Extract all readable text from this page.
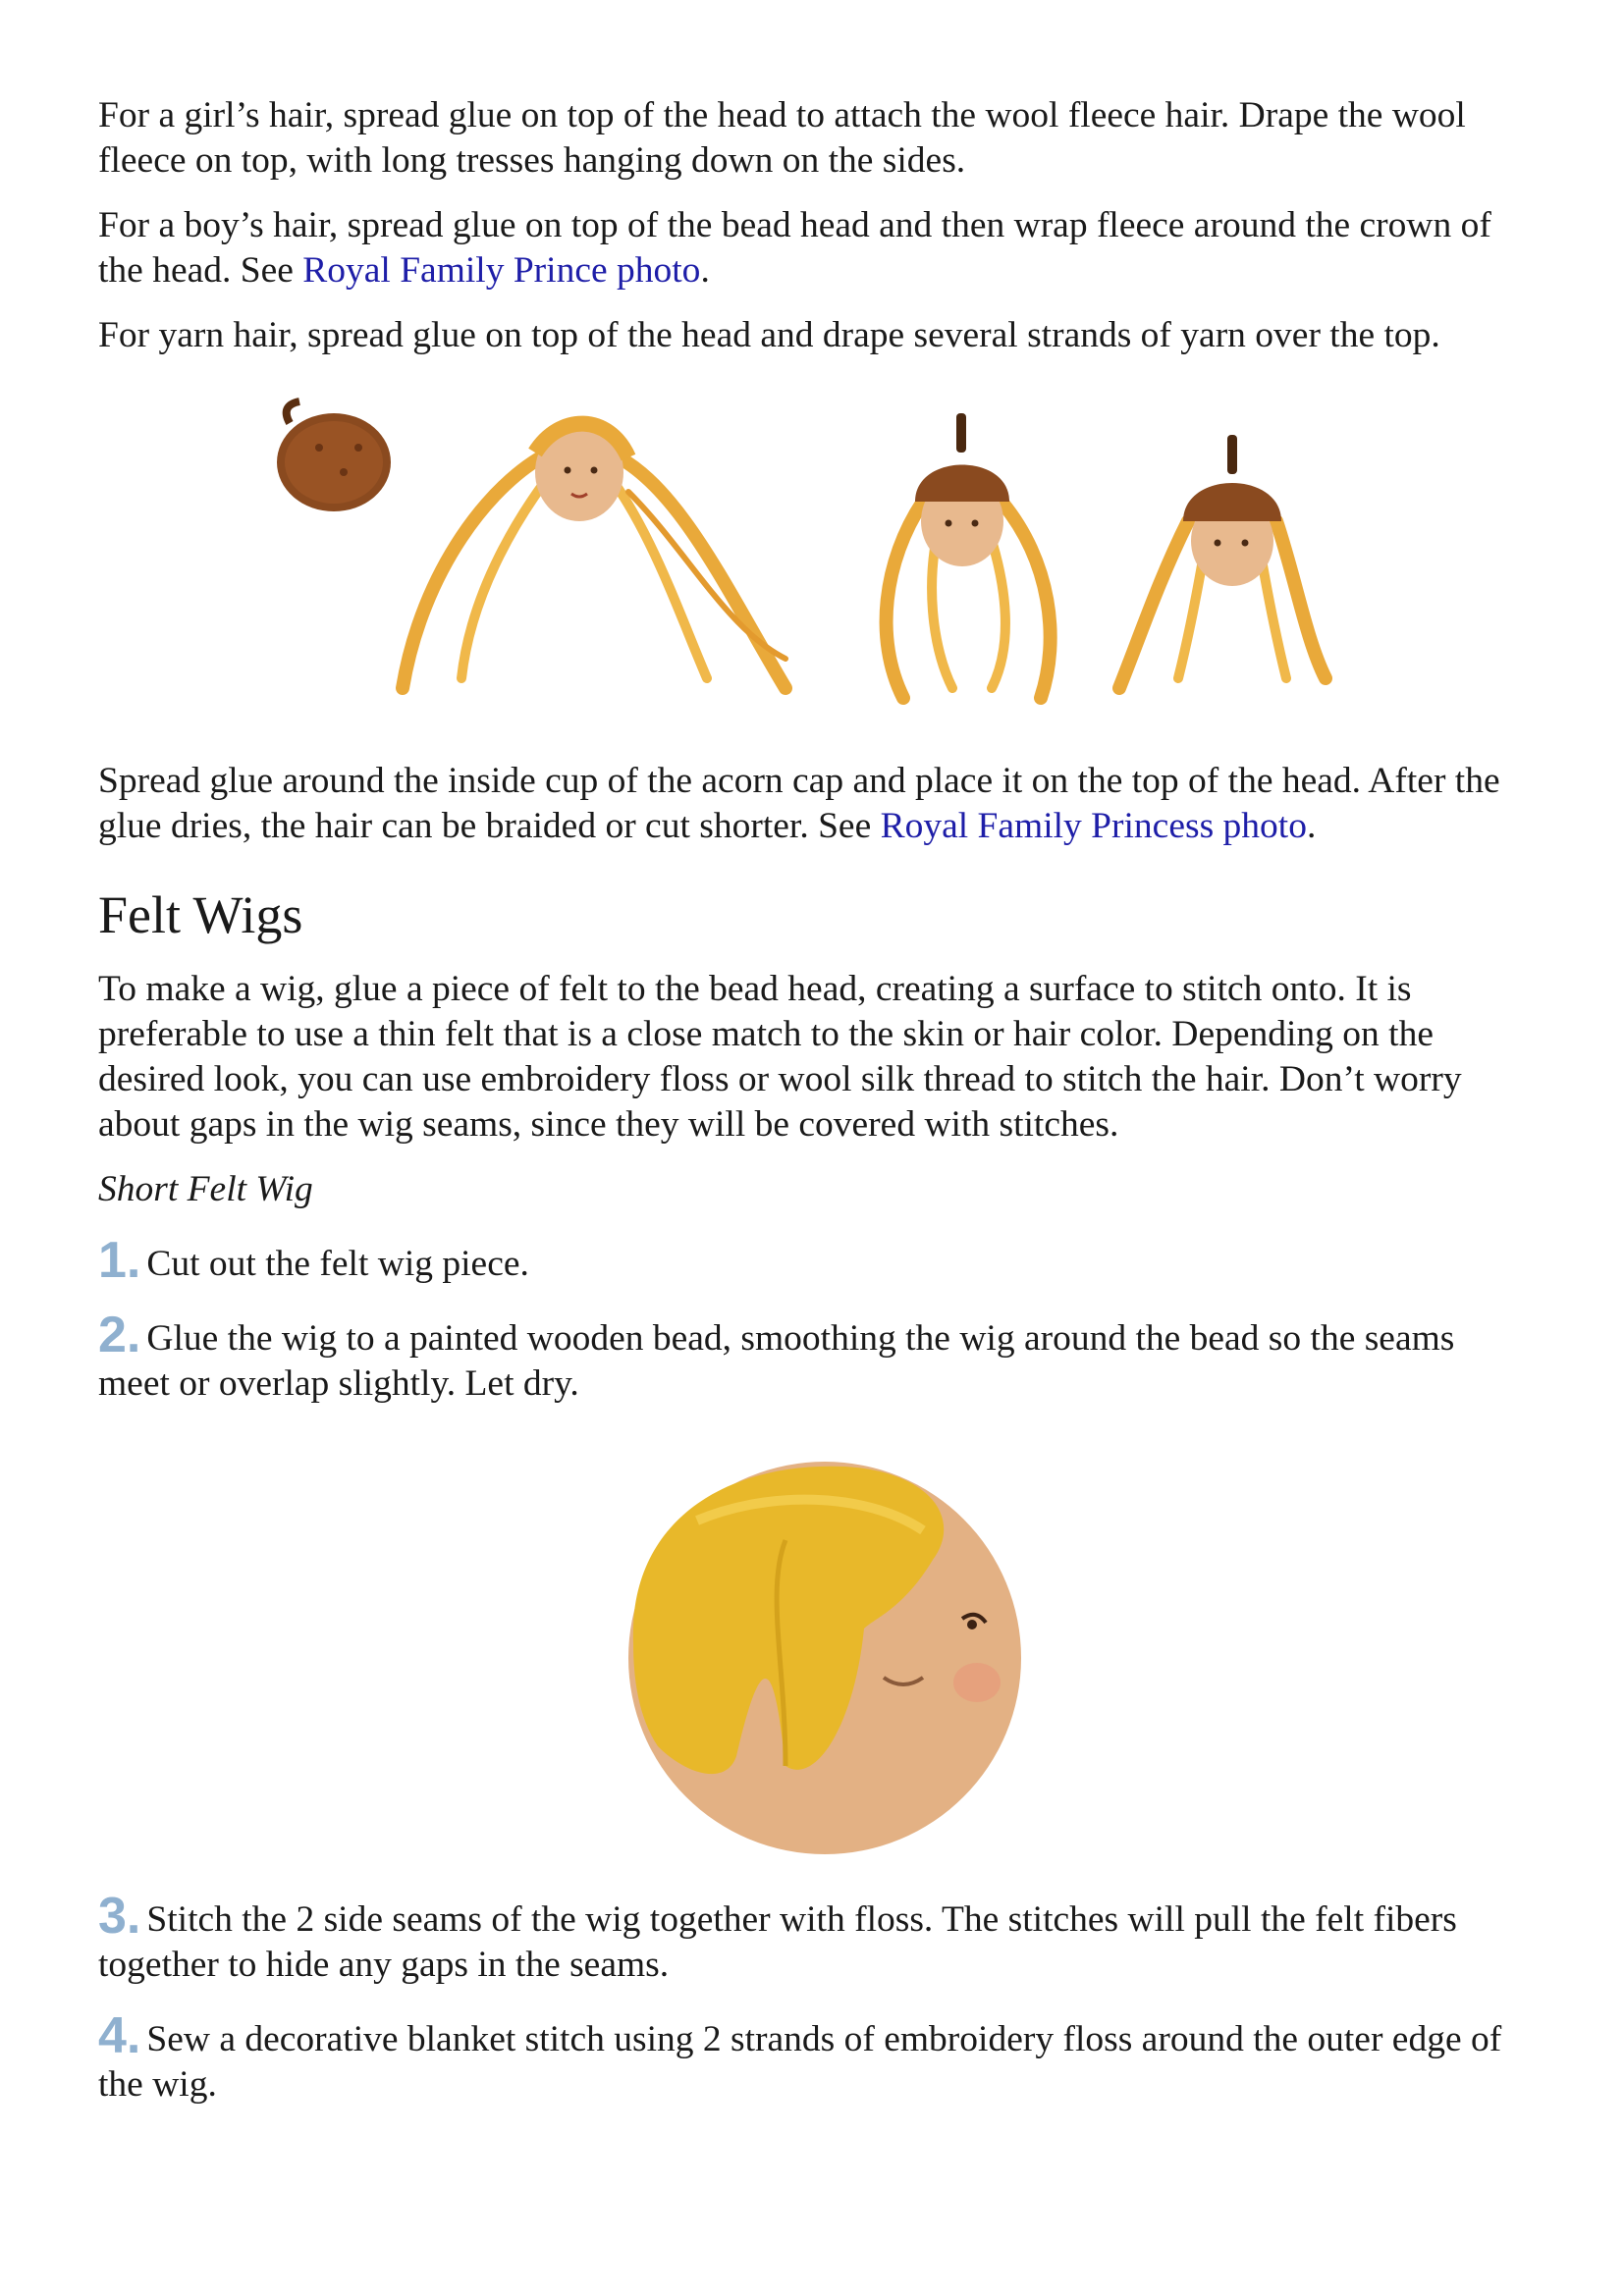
For a girl’s hair, spread glue on top of the head to attach the wool fleece hair. Drape the wool fleece on top, with long tresses hanging down on the sides.

For a boy’s hair, spread glue on top of the bead head and then wrap fleece around the crown of the head. See Royal Family Prince photo.

For yarn hair, spread glue on top of the head and drape several strands of yarn over the top.

Spread glue around the inside cup of the acorn cap and place it on the top of the head. After the glue dries, the hair can be braided or cut shorter. See Royal Family Princess photo.

Felt Wigs

To make a wig, glue a piece of felt to the bead head, creating a surface to stitch onto. It is preferable to use a thin felt that is a close match to the skin or hair color. Depending on the desired look, you can use embroidery floss or wool silk thread to stitch the hair. Don’t worry about gaps in the wig seams, since they will be covered with stitches.

Short Felt Wig

1. Cut out the felt wig piece.

2. Glue the wig to a painted wooden bead, smoothing the wig around the bead so the seams meet or overlap slightly. Let dry.

3. Stitch the 2 side seams of the wig together with floss. The stitches will pull the felt fibers together to hide any gaps in the seams.

4. Sew a decorative blanket stitch using 2 strands of embroidery floss around the outer edge of the wig.
